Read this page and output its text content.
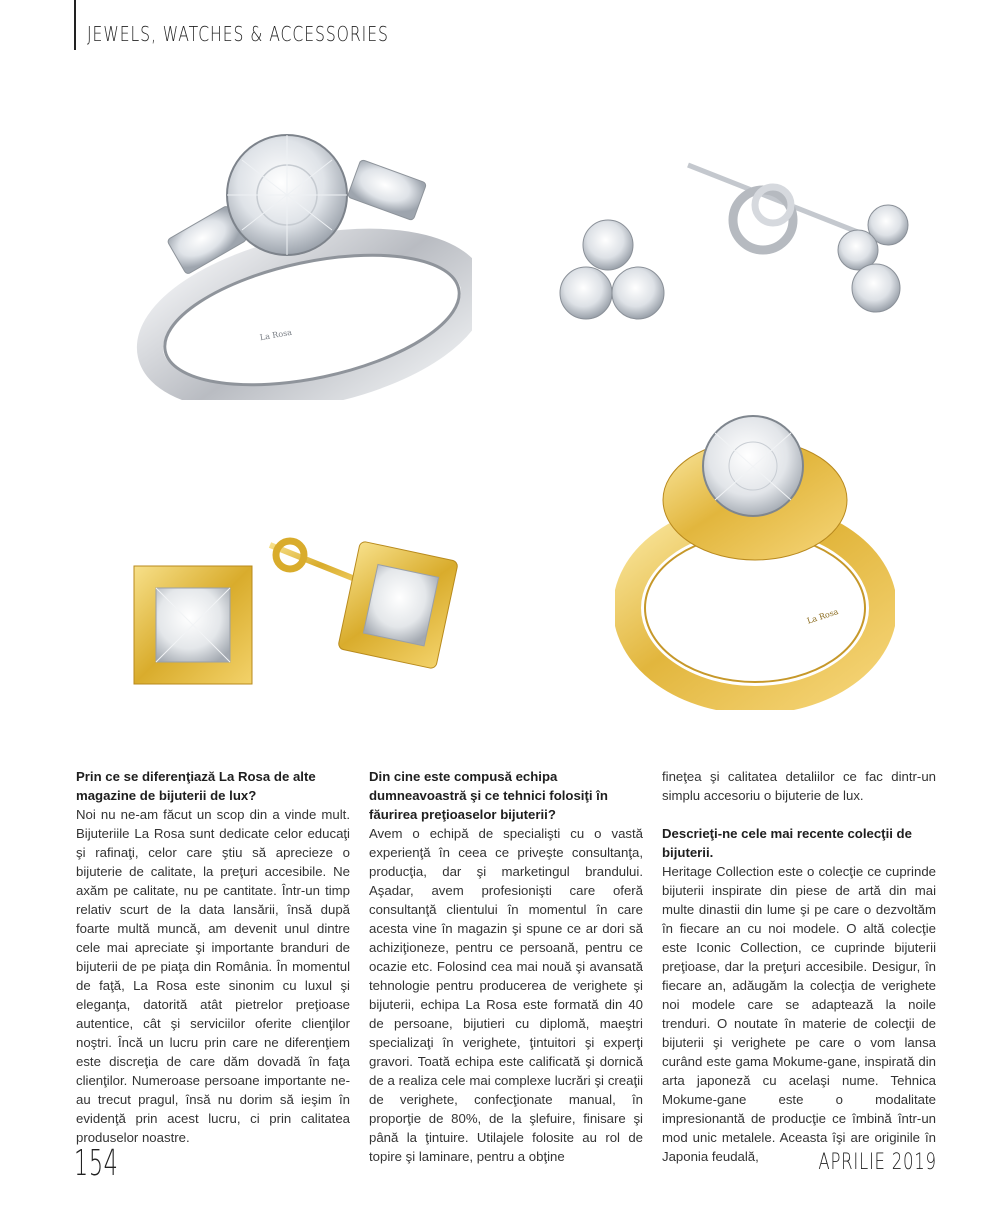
JEWELS, WATCHES & ACCESSORIES
La Rosa
La Rosa
Prin ce se diferenţiază La Rosa de alte magazine de bijuterii de lux?

Noi nu ne-am făcut un scop din a vinde mult. Bijuteriile La Rosa sunt dedicate celor educaţi şi rafinaţi, celor care ştiu să aprecieze o bijuterie de calitate, la preţuri accesibile. Ne axăm pe calitate, nu pe cantitate. Într-un timp relativ scurt de la data lansării, însă după foarte multă muncă, am devenit unul dintre cele mai apreciate şi importante branduri de bijuterii de pe piaţa din România. În momentul de faţă, La Rosa este sinonim cu luxul şi eleganţa, datorită atât pietrelor preţioase autentice, cât şi serviciilor oferite clienţilor noştri. Încă un lucru prin care ne diferenţiem este discreţia de care dăm dovadă în faţa clienţilor. Numeroase persoane importante ne-au trecut pragul, însă nu dorim să ieşim în evidenţă prin acest lucru, ci prin calitatea produselor noastre.

Din cine este compusă echipa dumneavoastră şi ce tehnici folosiţi în făurirea preţioaselor bijuterii?

Avem o echipă de specialişti cu o vastă experienţă în ceea ce priveşte consultanţa, producţia, dar şi marketingul brandului. Aşadar, avem profesionişti care oferă consultanţă clientului în momentul în care acesta vine în magazin şi spune ce ar dori să achiziţioneze, pentru ce persoană, pentru ce ocazie etc. Folosind cea mai nouă şi avansată tehnologie pentru producerea de verighete şi bijuterii, echipa La Rosa este formată din 40 de persoane, bijutieri cu diplomă, maeştri specializaţi în verighete, ţintuitori şi experţi gravori. Toată echipa este calificată şi dornică de a realiza cele mai complexe lucrări şi creaţii de verighete, confecţionate manual, în proporţie de 80%, de la şlefuire, finisare şi până la ţintuire. Utilajele folosite au rol de topire şi laminare, pentru a obţine

fineţea şi calitatea detaliilor ce fac dintr-un simplu accesoriu o bijuterie de lux.

Descrieţi-ne cele mai recente colecţii de bijuterii.

Heritage Collection este o colecţie ce cuprinde bijuterii inspirate din piese de artă din mai multe dinastii din lume şi pe care o dezvoltăm în fiecare an cu noi modele. O altă colecţie este Iconic Collection, ce cuprinde bijuterii preţioase, dar la preţuri accesibile. Desigur, în fiecare an, adăugăm la colecţia de verighete noi modele care se adaptează la noile trenduri. O noutate în materie de colecţii de bijuterii şi verighete pe care o vom lansa curând este gama Mokume-gane, inspirată din arta japoneză cu acelaşi nume. Tehnica Mokume-gane este o modalitate impresionantă de producţie ce îmbină într-un mod unic metalele. Aceasta îşi are originile în Japonia feudală,

154	APRILIE 2019
